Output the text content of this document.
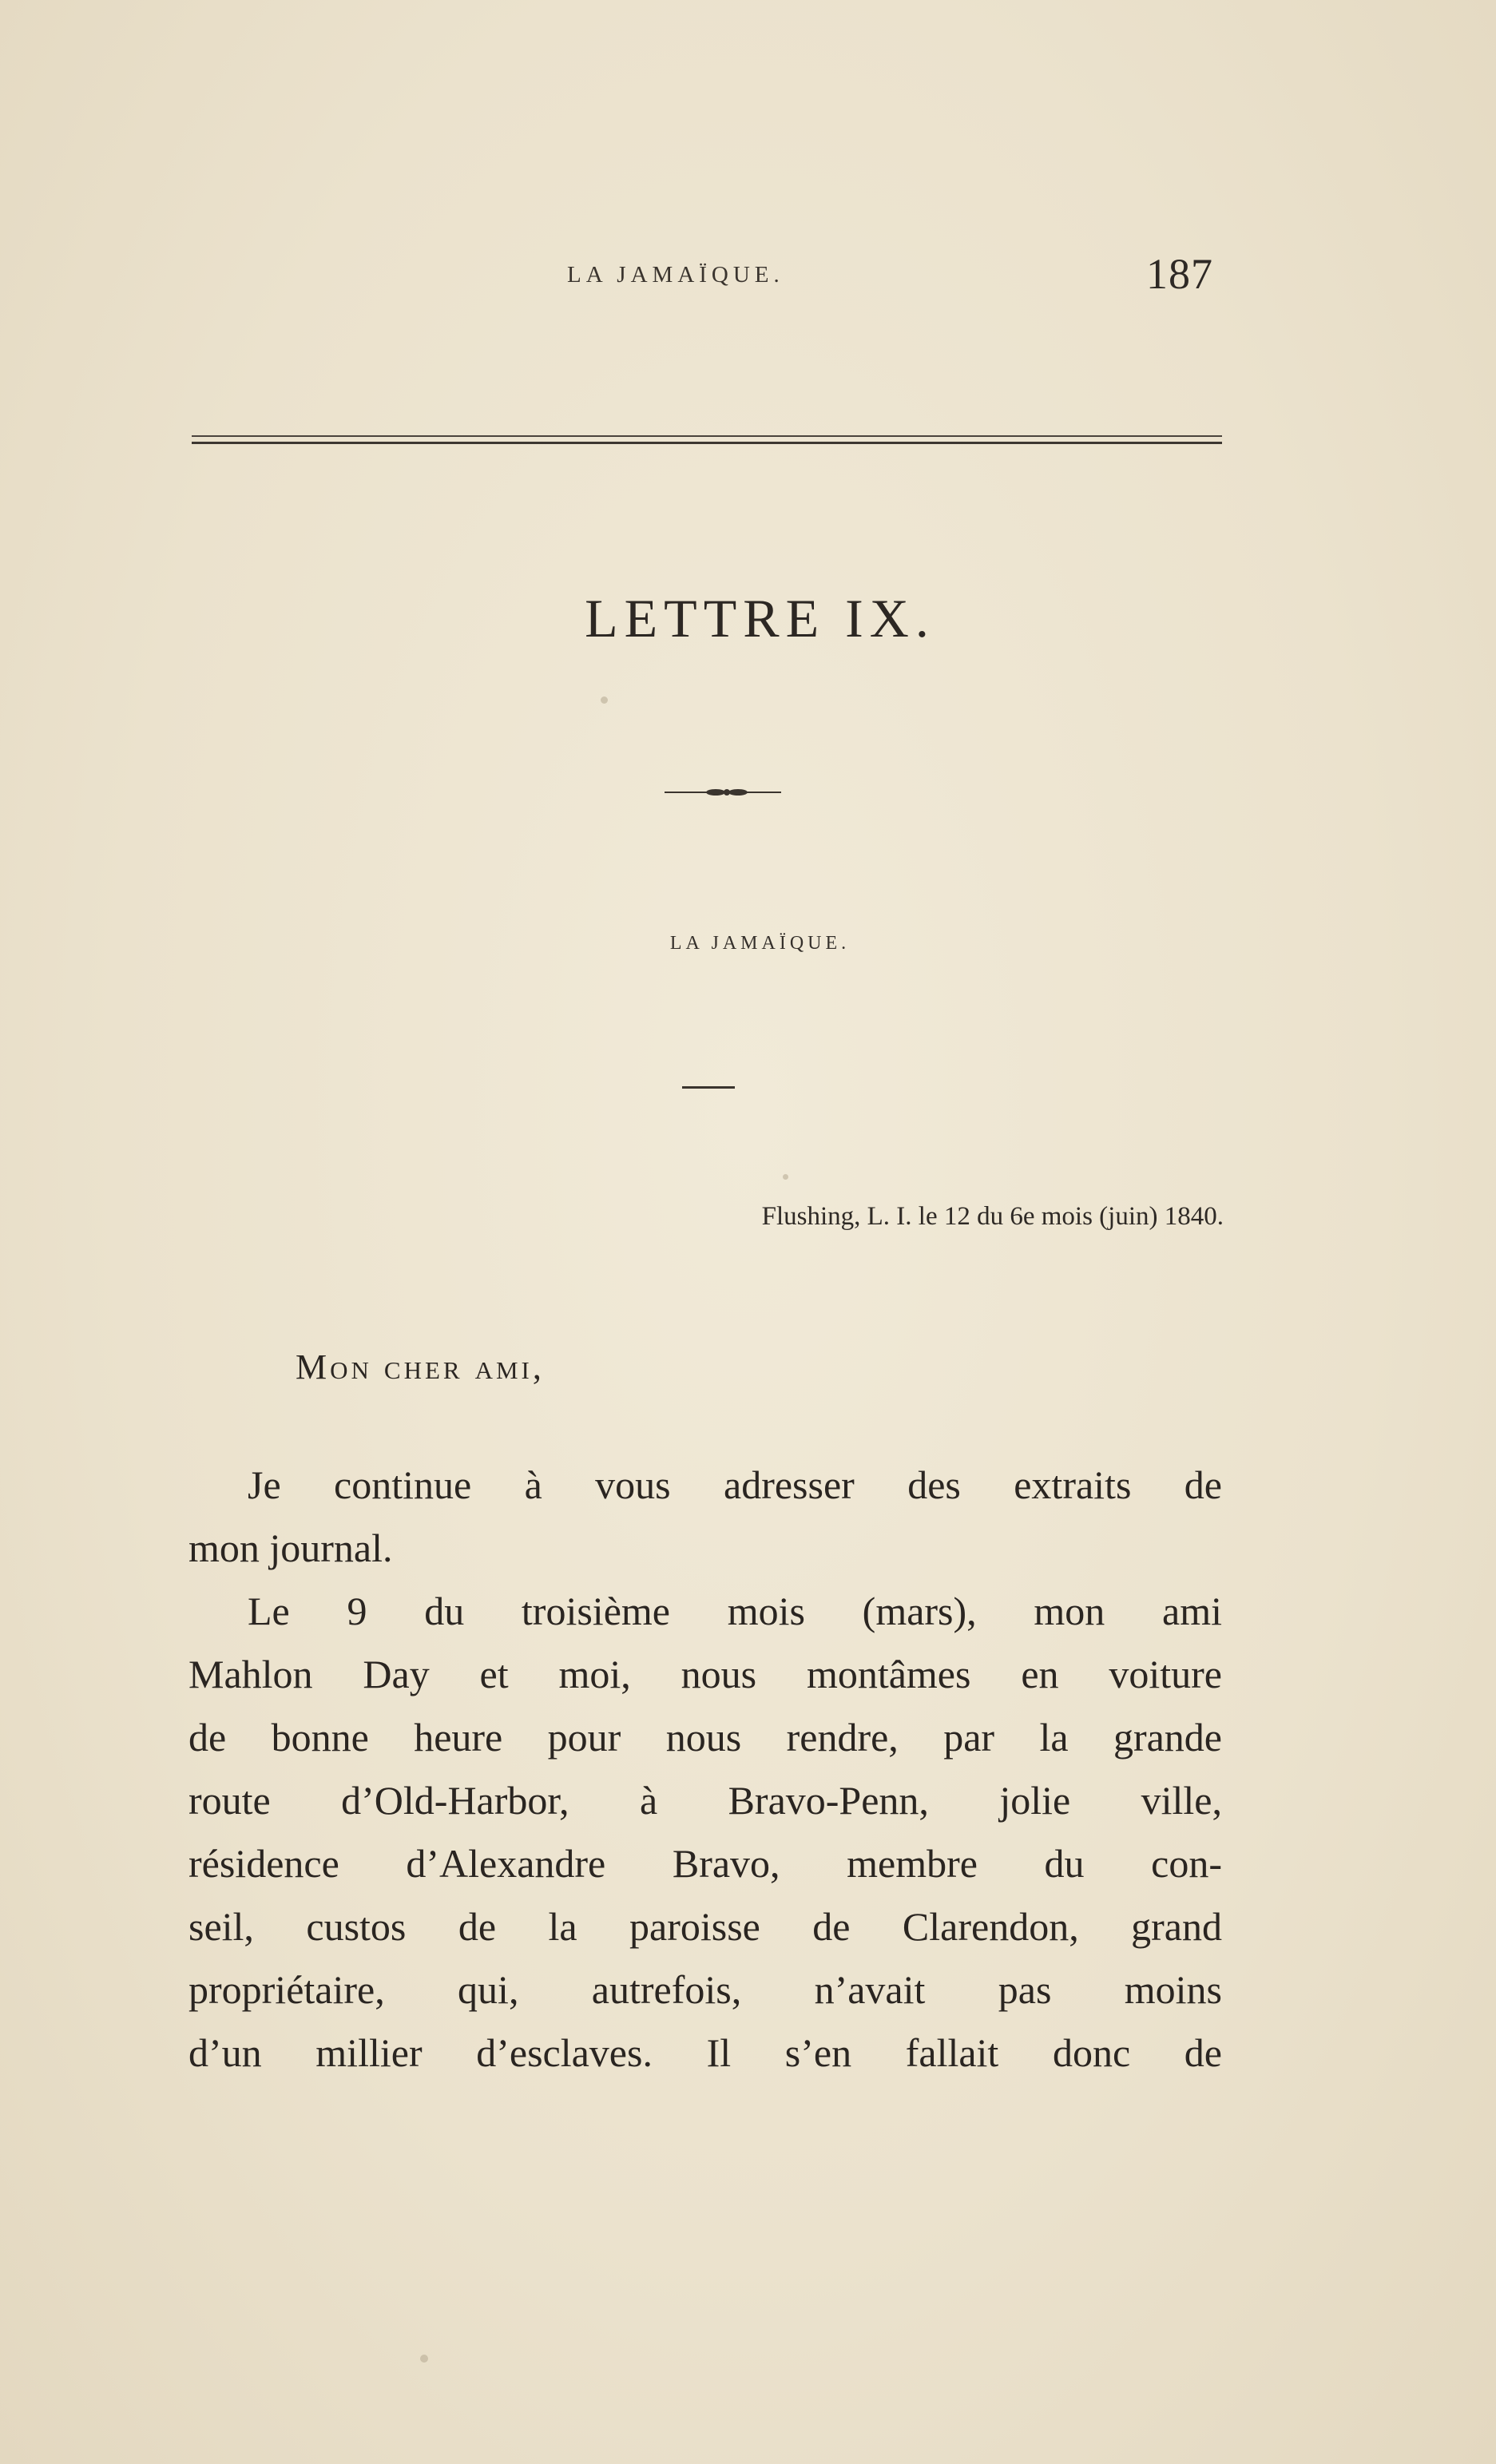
LA JAMAÏQUE.	187
LETTRE IX.
LA JAMAÏQUE.
Flushing, L. I. le 12 du 6e mois (juin) 1840.
Mon cher ami,
Je continue à vous adresser des extraits de
mon journal.
Le 9 du troisième mois (mars), mon ami
Mahlon Day et moi, nous montâmes en voiture
de bonne heure pour nous rendre, par la grande
route d’Old-Harbor, à Bravo-Penn, jolie ville,
résidence d’Alexandre Bravo, membre du con-
seil, custos de la paroisse de Clarendon, grand
propriétaire, qui, autrefois, n’avait pas moins
d’un millier d’esclaves. Il s’en fallait donc de
